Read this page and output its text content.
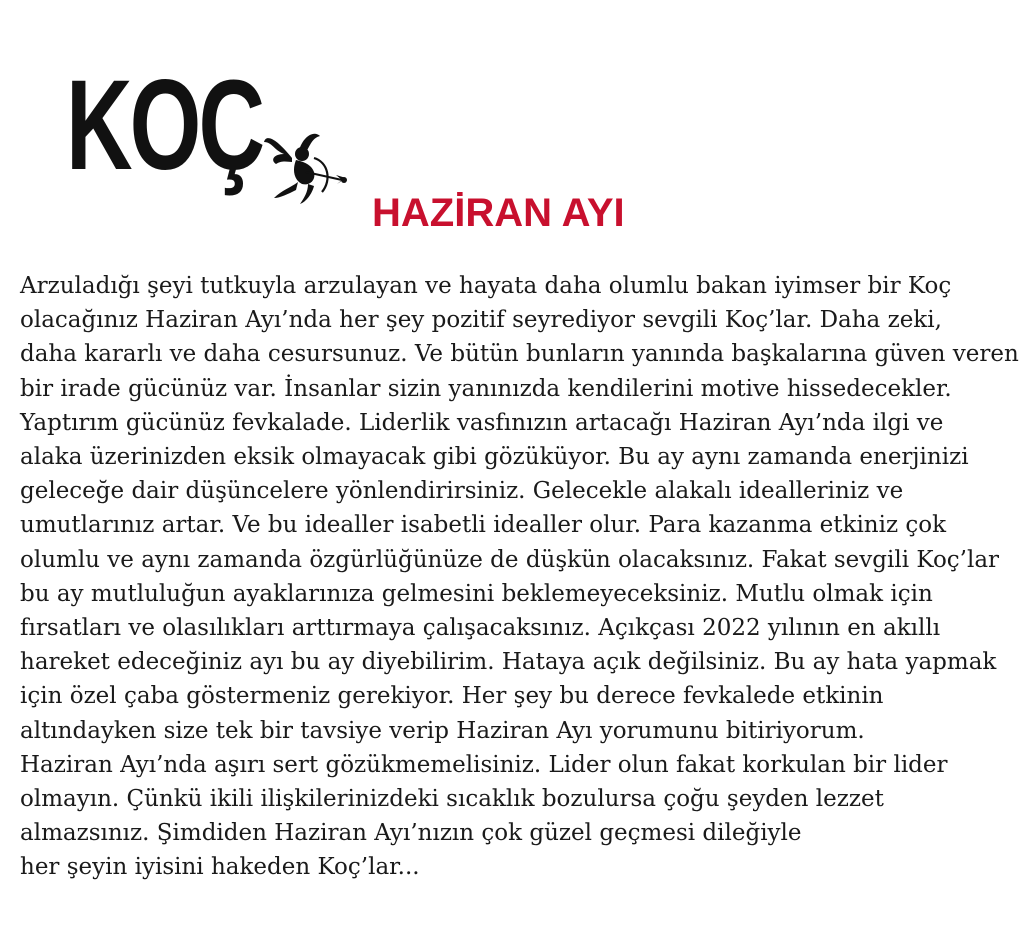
KOÇ
HAZİRAN AYI

Arzuladığı şeyi tutkuyla arzulayan ve hayata daha olumlu bakan iyimser bir Koç
olacağınız Haziran Ayı’nda her şey pozitif seyrediyor sevgili Koç’lar. Daha zeki,
daha kararlı ve daha cesursunuz. Ve bütün bunların yanında başkalarına güven veren
bir irade gücünüz var. İnsanlar sizin yanınızda kendilerini motive hissedecekler.
Yaptırım gücünüz fevkalade. Liderlik vasfınızın artacağı Haziran Ayı’nda ilgi ve
alaka üzerinizden eksik olmayacak gibi gözüküyor. Bu ay aynı zamanda enerjinizi
geleceğe dair düşüncelere yönlendirirsiniz. Gelecekle alakalı idealleriniz ve
umutlarınız artar. Ve bu idealler isabetli idealler olur. Para kazanma etkiniz çok
olumlu ve aynı zamanda özgürlüğünüze de düşkün olacaksınız. Fakat sevgili Koç’lar
bu ay mutluluğun ayaklarınıza gelmesini beklemeyeceksiniz. Mutlu olmak için
fırsatları ve olasılıkları arttırmaya çalışacaksınız. Açıkçası 2022 yılının en akıllı
hareket edeceğiniz ayı bu ay diyebilirim. Hataya açık değilsiniz. Bu ay hata yapmak
için özel çaba göstermeniz gerekiyor. Her şey bu derece fevkalede etkinin
altındayken size tek bir tavsiye verip Haziran Ayı yorumunu bitiriyorum.
Haziran Ayı’nda aşırı sert gözükmemelisiniz. Lider olun fakat korkulan bir lider
olmayın. Çünkü ikili ilişkilerinizdeki sıcaklık bozulursa çoğu şeyden lezzet
almazsınız. Şimdiden Haziran Ayı’nızın çok güzel geçmesi dileğiyle
her şeyin iyisini hakeden Koç’lar...
